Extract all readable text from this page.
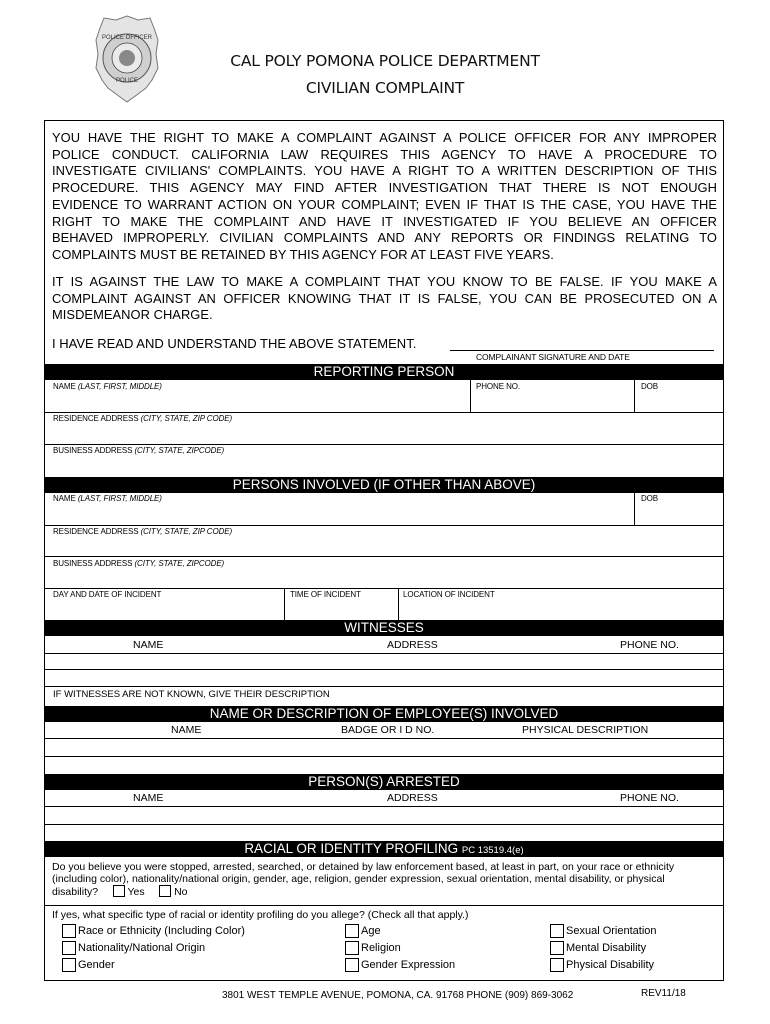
POLICE OFFICER
POLICE
CAL POLY POMONA POLICE DEPARTMENT
CIVILIAN COMPLAINT
YOU HAVE THE RIGHT TO MAKE A COMPLAINT AGAINST A POLICE OFFICER FOR ANY IMPROPER
POLICE CONDUCT. CALIFORNIA LAW REQUIRES THIS AGENCY TO HAVE A PROCEDURE TO
INVESTIGATE CIVILIANS' COMPLAINTS. YOU HAVE A RIGHT TO A WRITTEN DESCRIPTION OF THIS
PROCEDURE. THIS AGENCY MAY FIND AFTER INVESTIGATION THAT THERE IS NOT ENOUGH
EVIDENCE TO WARRANT ACTION ON YOUR COMPLAINT; EVEN IF THAT IS THE CASE, YOU HAVE THE
RIGHT TO MAKE THE COMPLAINT AND HAVE IT INVESTIGATED IF YOU BELIEVE AN OFFICER
BEHAVED IMPROPERLY. CIVILIAN COMPLAINTS AND ANY REPORTS OR FINDINGS RELATING TO

COMPLAINTS MUST BE RETAINED BY THIS AGENCY FOR AT LEAST FIVE YEARS.
IT IS AGAINST THE LAW TO MAKE A COMPLAINT THAT YOU KNOW TO BE FALSE. IF YOU MAKE A
COMPLAINT AGAINST AN OFFICER KNOWING THAT IT IS FALSE, YOU CAN BE PROSECUTED ON A

MISDEMEANOR CHARGE.
I HAVE READ AND UNDERSTAND THE ABOVE STATEMENT.
COMPLAINANT SIGNATURE AND DATE
REPORTING PERSON
NAME (LAST, FIRST, MIDDLE)	PHONE NO.	DOB
RESIDENCE ADDRESS (CITY, STATE, ZIP CODE)
BUSINESS ADDRESS (CITY, STATE, ZIPCODE)
PERSONS INVOLVED (IF OTHER THAN ABOVE)
NAME (LAST, FIRST, MIDDLE)	DOB
RESIDENCE ADDRESS (CITY, STATE, ZIP CODE)
BUSINESS ADDRESS (CITY, STATE, ZIPCODE)
DAY AND DATE OF INCIDENT	TIME OF INCIDENT	LOCATION OF INCIDENT
WITNESSES
NAME	ADDRESS	PHONE NO.
IF WITNESSES ARE NOT KNOWN, GIVE THEIR DESCRIPTION
NAME OR DESCRIPTION OF EMPLOYEE(S) INVOLVED
NAME	BADGE OR I D NO.	PHYSICAL DESCRIPTION
PERSON(S) ARRESTED
NAME	ADDRESS	PHONE NO.
RACIAL OR IDENTITY PROFILING PC 13519.4(e)
Do you believe you were stopped, arrested, searched, or detained by law enforcement based, at least in part, on your race or ethnicity
(including color), nationality/national origin, gender, age, religion, gender expression, sexual orientation, mental disability, or physical
disability?	Yes	No
If yes, what specific type of racial or identity profiling do you allege? (Check all that apply.)
Race or Ethnicity (Including Color)
Nationality/National Origin
Gender
Age
Religion
Gender Expression
Sexual Orientation
Mental Disability
Physical Disability
3801 WEST TEMPLE AVENUE, POMONA, CA. 91768 PHONE (909) 869-3062	REV11/18
